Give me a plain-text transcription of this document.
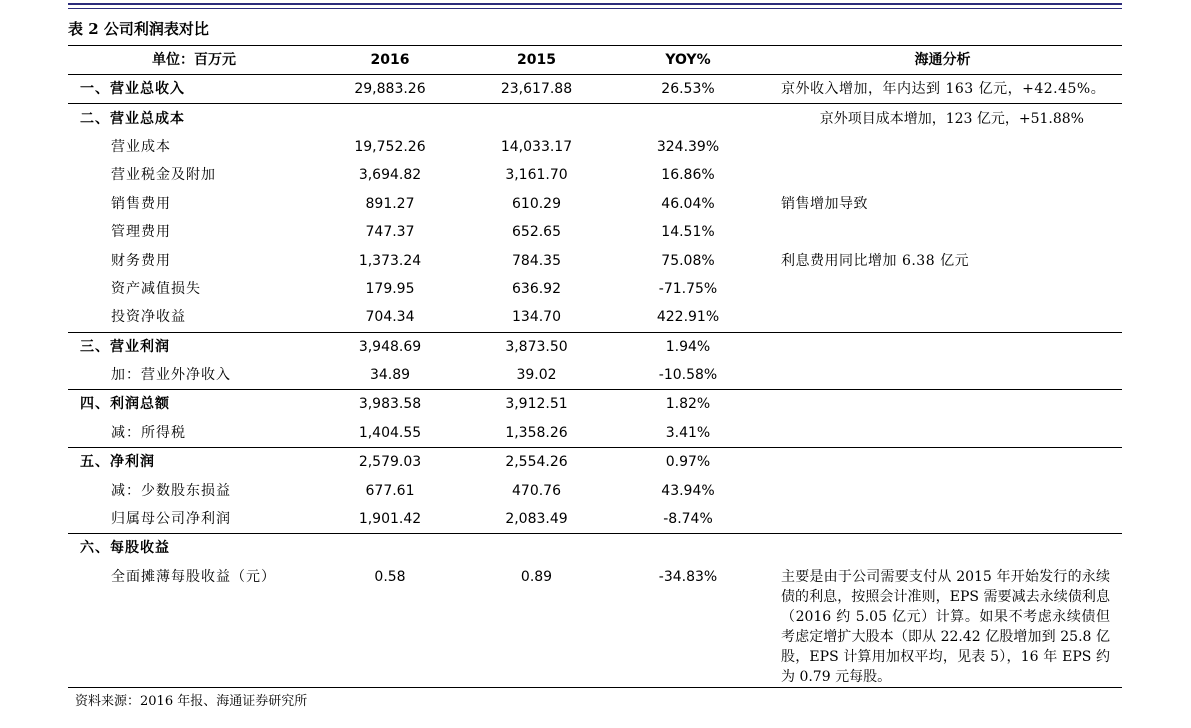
表 2 公司利润表对比
单位：百万元	2016	2015	YOY%	海通分析
一、营业总收入	29,883.26	23,617.88	26.53%	京外收入增加，年内达到 163 亿元，+42.45%。
二、营业总成本				京外项目成本增加，123 亿元，+51.88%
营业成本	19,752.26	14,033.17	324.39%	
营业税金及附加	3,694.82	3,161.70	16.86%	
销售费用	891.27	610.29	46.04%	销售增加导致
管理费用	747.37	652.65	14.51%	
财务费用	1,373.24	784.35	75.08%	利息费用同比增加 6.38 亿元
资产减值损失	179.95	636.92	-71.75%	
投资净收益	704.34	134.70	422.91%	
三、营业利润	3,948.69	3,873.50	1.94%	
加：营业外净收入	34.89	39.02	-10.58%	
四、利润总额	3,983.58	3,912.51	1.82%	
减：所得税	1,404.55	1,358.26	3.41%	
五、净利润	2,579.03	2,554.26	0.97%	
减：少数股东损益	677.61	470.76	43.94%	
归属母公司净利润	1,901.42	2,083.49	-8.74%	
六、每股收益				
全面摊薄每股收益（元）	0.58	0.89	-34.83%	主要是由于公司需要支付从 2015 年开始发行的永续债的利息，按照会计准则，EPS 需要减去永续债利息（2016 约 5.05 亿元）计算。如果不考虑永续债但考虑定增扩大股本（即从 22.42 亿股增加到 25.8 亿股，EPS 计算用加权平均，见表 5），16 年 EPS 约为 0.79 元每股。
资料来源：2016 年报、海通证券研究所
